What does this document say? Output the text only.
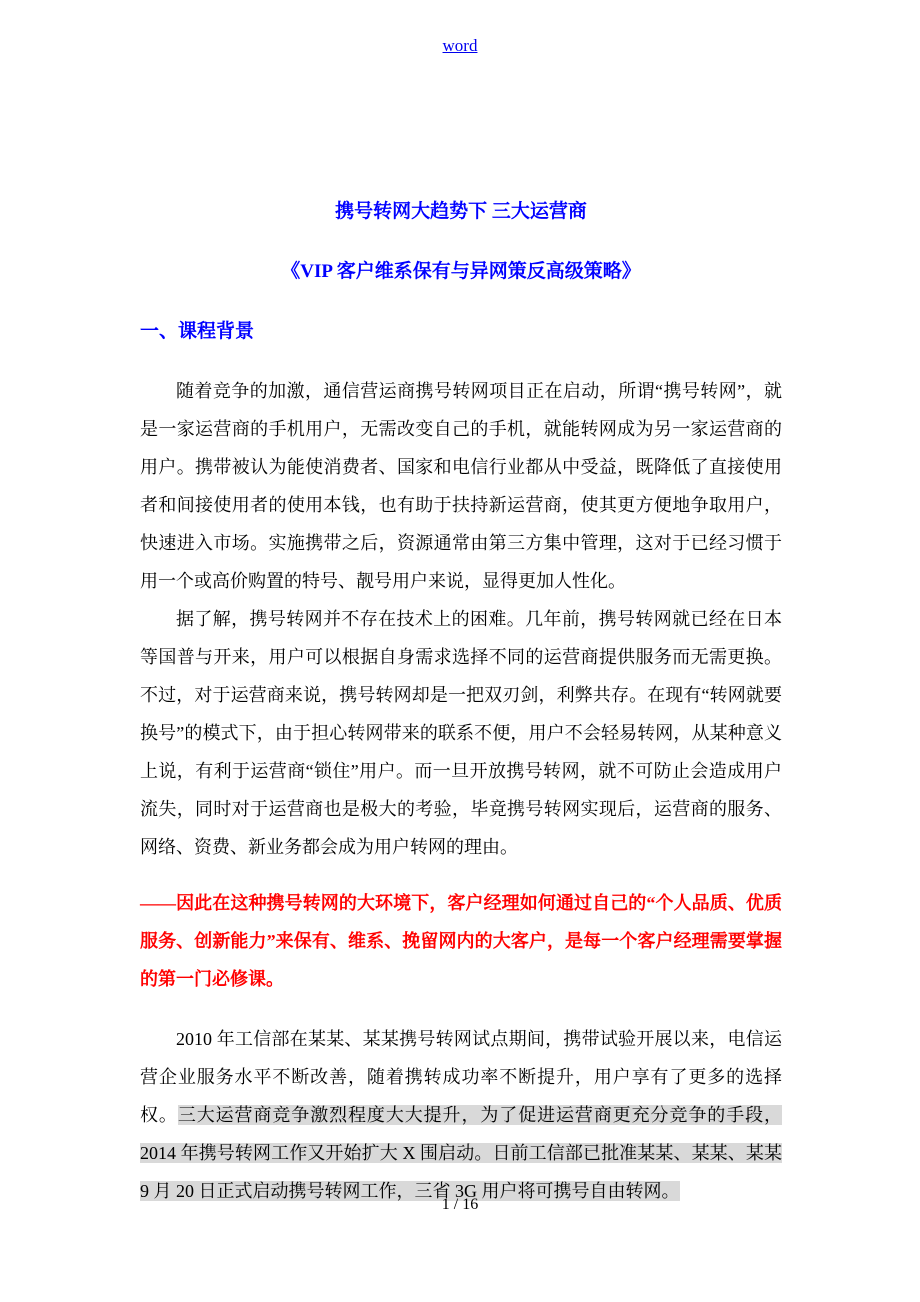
word
携号转网大趋势下 三大运营商
《VIP 客户维系保有与异网策反高级策略》
一、课程背景

随着竞争的加激，通信营运商携号转网项目正在启动，所谓“携号转网”，就是一家运营商的手机用户，无需改变自己的手机，就能转网成为另一家运营商的用户。携带被认为能使消费者、国家和电信行业都从中受益，既降低了直接使用者和间接使用者的使用本钱，也有助于扶持新运营商，使其更方便地争取用户，快速进入市场。实施携带之后，资源通常由第三方集中管理，这对于已经习惯于用一个或高价购置的特号、靓号用户来说，显得更加人性化。

据了解，携号转网并不存在技术上的困难。几年前，携号转网就已经在日本等国普与开来，用户可以根据自身需求选择不同的运营商提供服务而无需更换。不过，对于运营商来说，携号转网却是一把双刃剑，利弊共存。在现有“转网就要换号”的模式下，由于担心转网带来的联系不便，用户不会轻易转网，从某种意义上说，有利于运营商“锁住”用户。而一旦开放携号转网，就不可防止会造成用户流失，同时对于运营商也是极大的考验，毕竟携号转网实现后，运营商的服务、网络、资费、新业务都会成为用户转网的理由。

——因此在这种携号转网的大环境下，客户经理如何通过自己的“个人品质、优质服务、创新能力”来保有、维系、挽留网内的大客户，是每一个客户经理需要掌握的第一门必修课。

2010 年工信部在某某、某某携号转网试点期间，携带试验开展以来，电信运营企业服务水平不断改善，随着携转成功率不断提升，用户享有了更多的选择权。三大运营商竞争激烈程度大大提升，为了促进运营商更充分竞争的手段，2014 年携号转网工作又开始扩大 X 围启动。日前工信部已批准某某、某某、某某 9 月 20 日正式启动携号转网工作，三省 3G 用户将可携号自由转网。

1 / 16
